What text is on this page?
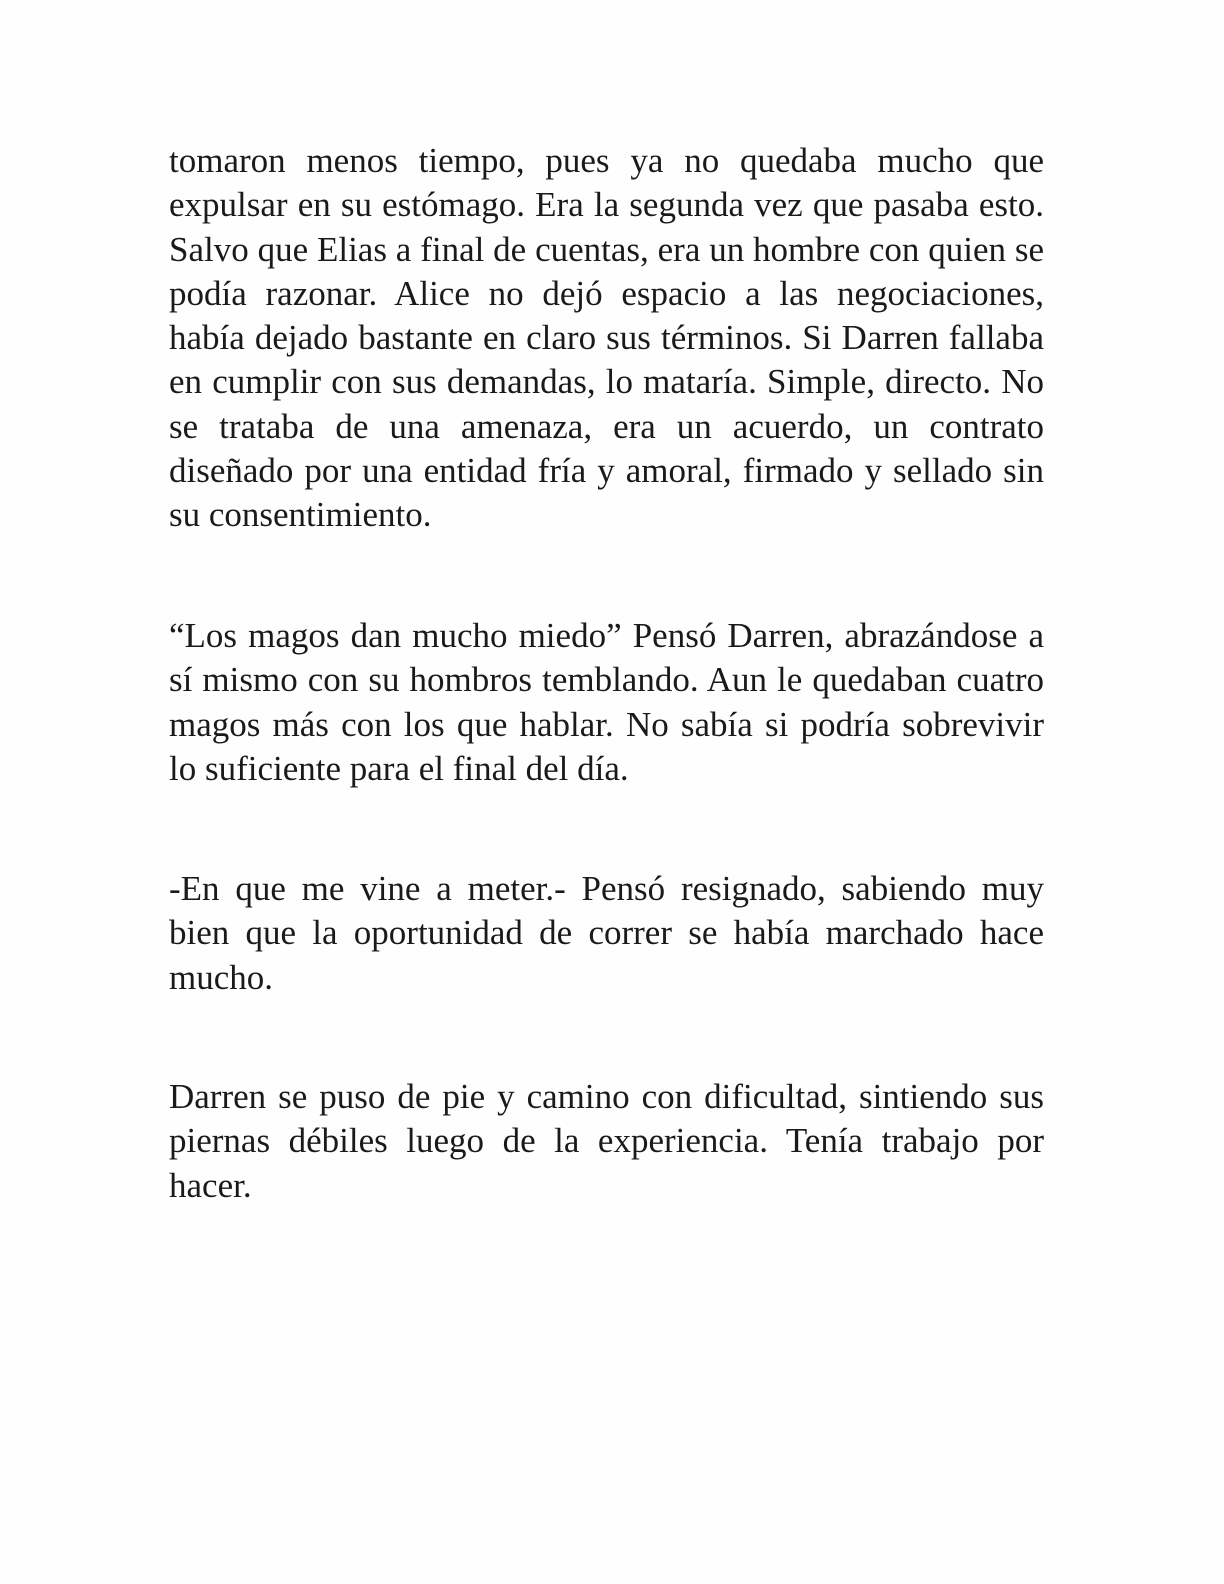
tomaron menos tiempo, pues ya no quedaba mucho que expulsar en su estómago. Era la segunda vez que pasaba esto. Salvo que Elias a final de cuentas, era un hombre con quien se podía razonar. Alice no dejó espacio a las negociaciones, había dejado bastante en claro sus términos. Si Darren fallaba en cumplir con sus demandas, lo mataría. Simple, directo. No se trataba de una amenaza, era un acuerdo, un contrato diseñado por una entidad fría y amoral, firmado y sellado sin su consentimiento.

“Los magos dan mucho miedo” Pensó Darren, abrazándose a sí mismo con su hombros temblando. Aun le quedaban cuatro magos más con los que hablar. No sabía si podría sobrevivir lo suficiente para el final del día.

-En que me vine a meter.- Pensó resignado, sabiendo muy bien que la oportunidad de correr se había marchado hace mucho.

Darren se puso de pie y camino con dificultad, sintiendo sus piernas débiles luego de la experiencia. Tenía trabajo por hacer.
